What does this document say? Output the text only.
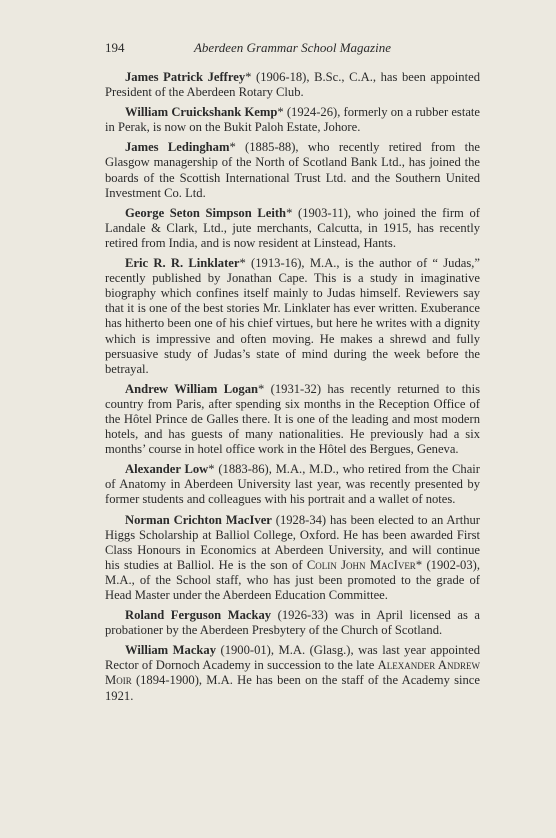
194	Aberdeen Grammar School Magazine

James Patrick Jeffrey* (1906-18), B.Sc., C.A., has been appointed President of the Aberdeen Rotary Club.

William Cruickshank Kemp* (1924-26), formerly on a rubber estate in Perak, is now on the Bukit Paloh Estate, Johore.

James Ledingham* (1885-88), who recently retired from the Glasgow managership of the North of Scotland Bank Ltd., has joined the boards of the Scottish International Trust Ltd. and the Southern United Investment Co. Ltd.

George Seton Simpson Leith* (1903-11), who joined the firm of Landale & Clark, Ltd., jute merchants, Calcutta, in 1915, has recently retired from India, and is now resident at Linstead, Hants.

Eric R. R. Linklater* (1913-16), M.A., is the author of “ Judas,” recently published by Jonathan Cape. This is a study in imaginative biography which confines itself mainly to Judas himself. Reviewers say that it is one of the best stories Mr. Linklater has ever written. Exuberance has hitherto been one of his chief virtues, but here he writes with a dignity which is impressive and often moving. He makes a shrewd and fully persuasive study of Judas’s state of mind during the week before the betrayal.

Andrew William Logan* (1931-32) has recently returned to this country from Paris, after spending six months in the Reception Office of the Hôtel Prince de Galles there. It is one of the leading and most modern hotels, and has guests of many nationalities. He previously had a six months’ course in hotel office work in the Hôtel des Bergues, Geneva.

Alexander Low* (1883-86), M.A., M.D., who retired from the Chair of Anatomy in Aberdeen University last year, was recently presented by former students and colleagues with his portrait and a wallet of notes.

Norman Crichton MacIver (1928-34) has been elected to an Arthur Higgs Scholarship at Balliol College, Oxford. He has been awarded First Class Honours in Economics at Aberdeen University, and will continue his studies at Balliol. He is the son of Colin John MacIver* (1902-03), M.A., of the School staff, who has just been promoted to the grade of Head Master under the Aberdeen Education Committee.

Roland Ferguson Mackay (1926-33) was in April licensed as a probationer by the Aberdeen Presbytery of the Church of Scotland.

William Mackay (1900-01), M.A. (Glasg.), was last year appointed Rector of Dornoch Academy in succession to the late Alexander Andrew Moir (1894-1900), M.A. He has been on the staff of the Academy since 1921.
